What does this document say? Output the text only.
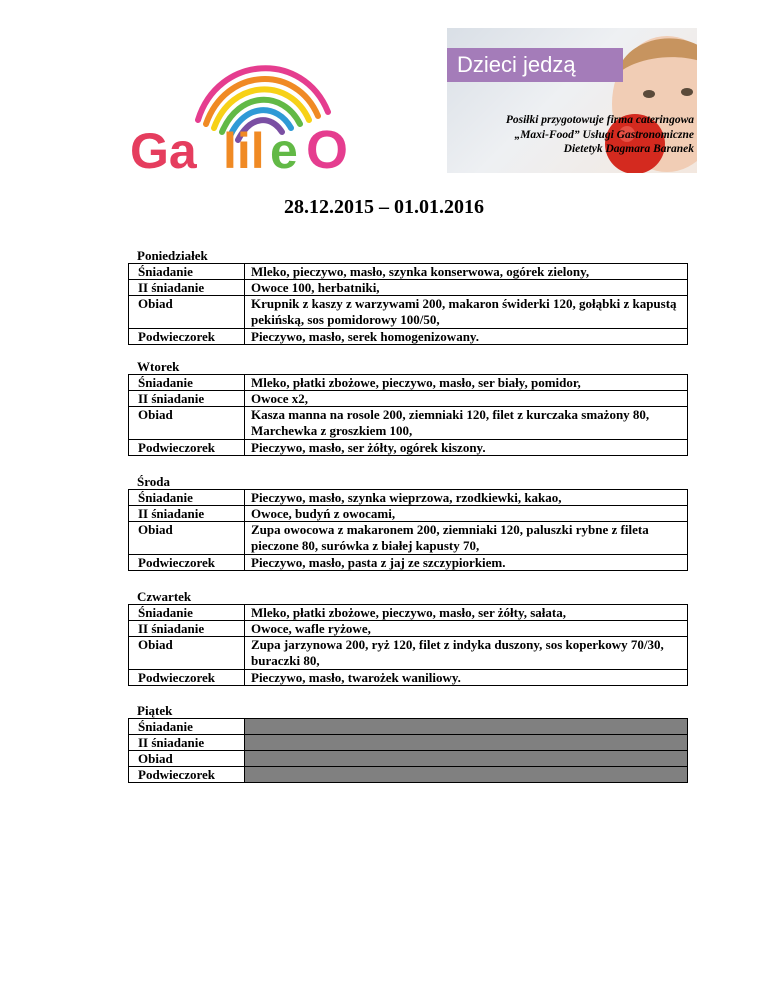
Ga lil e O
Dzieci jedzą
Posiłki przygotowuje firma cateringowa
„Maxi-Food” Usługi Gastronomiczne
Dietetyk Dagmara Baranek
28.12.2015 – 01.01.2016
Poniedziałek
Śniadanie	Mleko, pieczywo, masło, szynka konserwowa, ogórek zielony,
II śniadanie	Owoce 100, herbatniki,
Obiad	Krupnik z kaszy z warzywami 200, makaron świderki 120, gołąbki z kapustą pekińską, sos pomidorowy 100/50,
Podwieczorek	Pieczywo, masło, serek homogenizowany.
Wtorek
Śniadanie	Mleko, płatki zbożowe, pieczywo, masło, ser biały, pomidor,
II śniadanie	Owoce x2,
Obiad	Kasza manna na rosole 200, ziemniaki 120, filet z kurczaka smażony 80, Marchewka z groszkiem 100,
Podwieczorek	Pieczywo, masło, ser żółty, ogórek kiszony.
Środa
Śniadanie	Pieczywo, masło, szynka wieprzowa, rzodkiewki, kakao,
II śniadanie	Owoce, budyń z owocami,
Obiad	Zupa owocowa z makaronem 200, ziemniaki 120, paluszki rybne z fileta pieczone 80, surówka z białej kapusty 70,
Podwieczorek	Pieczywo, masło, pasta z jaj ze szczypiorkiem.
Czwartek
Śniadanie	Mleko, płatki zbożowe, pieczywo, masło, ser żółty, sałata,
II śniadanie	Owoce, wafle ryżowe,
Obiad	Zupa jarzynowa 200, ryż 120, filet z indyka duszony, sos koperkowy 70/30, buraczki 80,
Podwieczorek	Pieczywo, masło, twarożek waniliowy.
Piątek
Śniadanie	
II śniadanie	
Obiad	
Podwieczorek	
